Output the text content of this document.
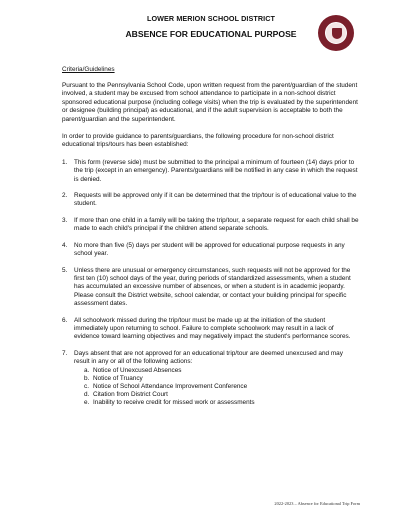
LOWER MERION SCHOOL DISTRICT
ABSENCE FOR EDUCATIONAL PURPOSE
Criteria/Guidelines

Pursuant to the Pennsylvania School Code, upon written request from the parent/guardian of the student involved, a student may be excused from school attendance to participate in a non-school district sponsored educational purpose (including college visits) when the trip is evaluated by the superintendent or designee (building principal) as educational, and if the adult supervision is acceptable to both the parent/guardian and the superintendent.

In order to provide guidance to parents/guardians, the following procedure for non-school district educational trips/tours has been established:

1. This form (reverse side) must be submitted to the principal a minimum of fourteen (14) days prior to the trip (except in an emergency). Parents/guardians will be notified in any case in which the request is denied.
2. Requests will be approved only if it can be determined that the trip/tour is of educational value to the student.
3. If more than one child in a family will be taking the trip/tour, a separate request for each child shall be made to each child's principal if the children attend separate schools.
4. No more than five (5) days per student will be approved for educational purpose requests in any school year.
5. Unless there are unusual or emergency circumstances, such requests will not be approved for the first ten (10) school days of the year, during periods of standardized assessments, when a student has accumulated an excessive number of absences, or when a student is in academic jeopardy. Please consult the District website, school calendar, or contact your building principal for specific assessment dates.
6. All schoolwork missed during the trip/tour must be made up at the initiation of the student immediately upon returning to school. Failure to complete schoolwork may result in a lack of evidence toward learning objectives and may negatively impact the student's performance scores.
7. Days absent that are not approved for an educational trip/tour are deemed unexcused and may result in any or all of the following actions:
a. Notice of Unexcused Absences
b. Notice of Truancy
c. Notice of School Attendance Improvement Conference
d. Citation from District Court
e. Inability to receive credit for missed work or assessments
2022-2023 – Absence for Educational Trip Form
